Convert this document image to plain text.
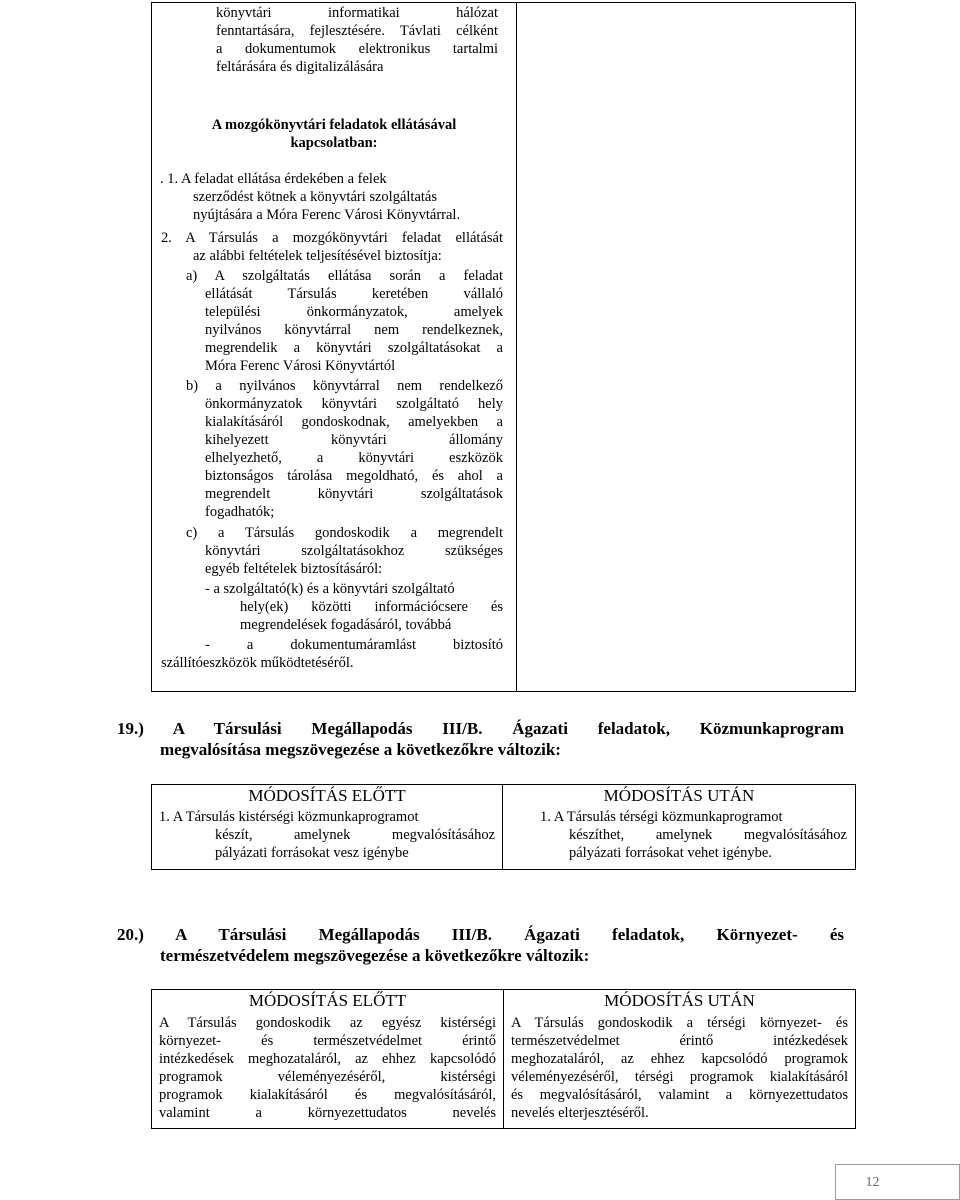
könyvtári informatikai hálózat
fenntartására, fejlesztésére. Távlati célként
a dokumentumok elektronikus tartalmi
feltárására és digitalizálására
A mozgókönyvtári feladatok ellátásával
kapcsolatban:
. 1. A feladat ellátása érdekében a felek
szerződést kötnek a könyvtári szolgáltatás
nyújtására a Móra Ferenc Városi Könyvtárral.
2. A Társulás a mozgókönyvtári feladat ellátását
az alábbi feltételek teljesítésével biztosítja:
a) A szolgáltatás ellátása során a feladat
ellátását Társulás keretében vállaló
települési önkormányzatok, amelyek
nyilvános könyvtárral nem rendelkeznek,
megrendelik a könyvtári szolgáltatásokat a
Móra Ferenc Városi Könyvtártól
b) a nyilvános könyvtárral nem rendelkező
önkormányzatok könyvtári szolgáltató hely
kialakításáról gondoskodnak, amelyekben a
kihelyezett könyvtári állomány
elhelyezhető, a könyvtári eszközök
biztonságos tárolása megoldható, és ahol a
megrendelt könyvtári szolgáltatások
fogadhatók;
c) a Társulás gondoskodik a megrendelt
könyvtári szolgáltatásokhoz szükséges
egyéb feltételek biztosításáról:
- a szolgáltató(k) és a könyvtári szolgáltató
hely(ek) közötti információcsere és
megrendelések fogadásáról, továbbá
- a dokumentumáramlást biztosító
szállítóeszközök működtetéséről.
19.) A Társulási Megállapodás III/B. Ágazati feladatok, Közmunkaprogram
megvalósítása megszövegezése a következőkre változik:
MÓDOSÍTÁS ELŐTT	MÓDOSÍTÁS UTÁN
1. A Társulás kistérségi közmunkaprogramot
készít, amelynek megvalósításához
pályázati forrásokat vesz igénybe
1. A Társulás térségi közmunkaprogramot
készíthet, amelynek megvalósításához
pályázati forrásokat vehet igénybe.
20.) A Társulási Megállapodás III/B. Ágazati feladatok, Környezet- és
természetvédelem megszövegezése a következőkre változik:
MÓDOSÍTÁS ELŐTT	MÓDOSÍTÁS UTÁN
A Társulás gondoskodik az egyész kistérségi
környezet- és természetvédelmet érintő
intézkedések meghozataláról, az ehhez kapcsolódó
programok véleményezéséről, kistérségi
programok kialakításáról és megvalósításáról,
valamint a környezettudatos nevelés
A Társulás gondoskodik a térségi környezet- és
természetvédelmet érintő intézkedések
meghozataláról, az ehhez kapcsolódó programok
véleményezéséről, térségi programok kialakításáról
és megvalósításáról, valamint a környezettudatos
nevelés elterjesztéséről.
12
